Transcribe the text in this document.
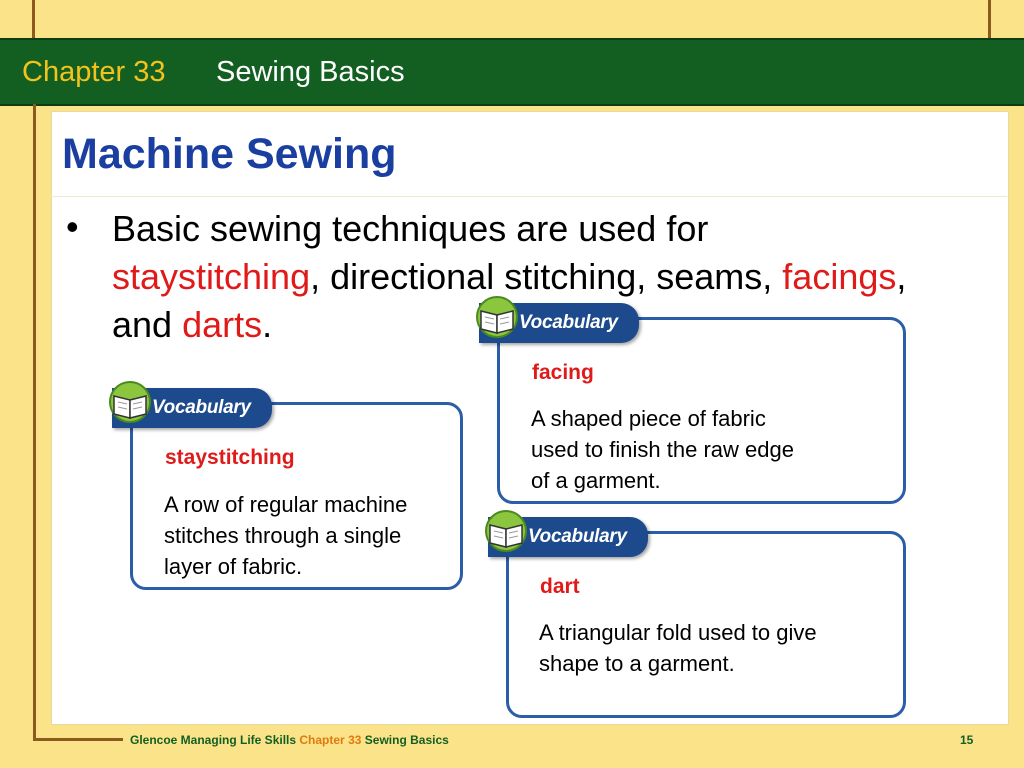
Chapter 33 Sewing Basics
Machine Sewing
• Basic sewing techniques are used for
staystitching, directional stitching, seams, facings,
and darts.
Vocabulary
staystitching
A row of regular machine
stitches through a single
layer of fabric.
Vocabulary
facing
A shaped piece of fabric
used to finish the raw edge
of a garment.
Vocabulary
dart
A triangular fold used to give
shape to a garment.
Glencoe Managing Life Skills Chapter 33 Sewing Basics	15
